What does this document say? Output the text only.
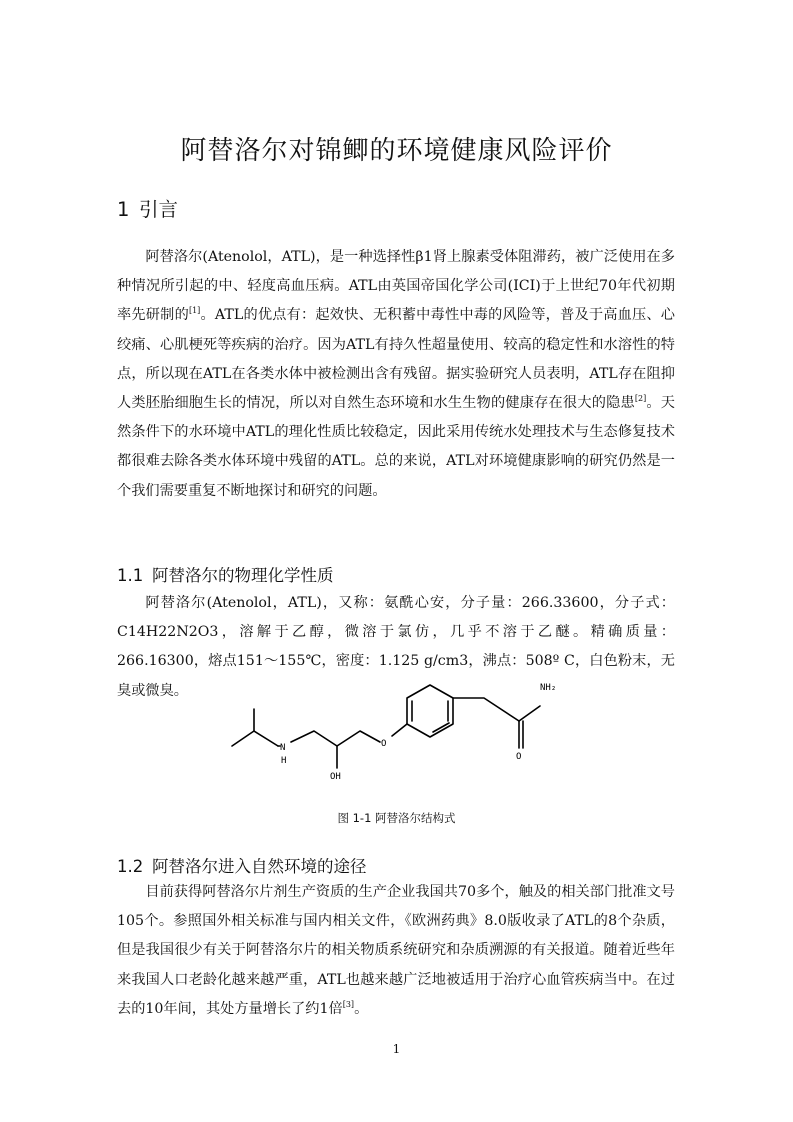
阿替洛尔对锦鲫的环境健康风险评价
1 引言

阿替洛尔(Atenolol，ATL)，是一种选择性β1肾上腺素受体阻滞药，被广泛使用在多种情况所引起的中、轻度高血压病。ATL由英国帝国化学公司(ICI)于上世纪70年代初期率先研制的[1]。ATL的优点有：起效快、无积蓄中毒性中毒的风险等，普及于高血压、心绞痛、心肌梗死等疾病的治疗。因为ATL有持久性超量使用、较高的稳定性和水溶性的特点，所以现在ATL在各类水体中被检测出含有残留。据实验研究人员表明，ATL存在阻抑人类胚胎细胞生长的情况，所以对自然生态环境和水生生物的健康存在很大的隐患[2]。天然条件下的水环境中ATL的理化性质比较稳定，因此采用传统水处理技术与生态修复技术都很难去除各类水体环境中残留的ATL。总的来说，ATL对环境健康影响的研究仍然是一个我们需要重复不断地探讨和研究的问题。

1.1 阿替洛尔的物理化学性质

阿替洛尔(Atenolol，ATL)，又称：氨酰心安，分子量：266.33600，分子式：C14H22N2O3，溶解于乙醇，微溶于氯仿，几乎不溶于乙醚。精确质量：266.16300，熔点151～155℃，密度：1.125 g/cm3，沸点：508º C，白色粉末，无臭或微臭。

N
H
OH
O
O
NH₂

图 1-1 阿替洛尔结构式

1.2 阿替洛尔进入自然环境的途径

目前获得阿替洛尔片剂生产资质的生产企业我国共70多个，触及的相关部门批准文号105个。参照国外相关标准与国内相关文件，《欧洲药典》8.0版收录了ATL的8个杂质，但是我国很少有关于阿替洛尔片的相关物质系统研究和杂质溯源的有关报道。随着近些年来我国人口老龄化越来越严重，ATL也越来越广泛地被适用于治疗心血管疾病当中。在过去的10年间，其处方量增长了约1倍[3]。

1
